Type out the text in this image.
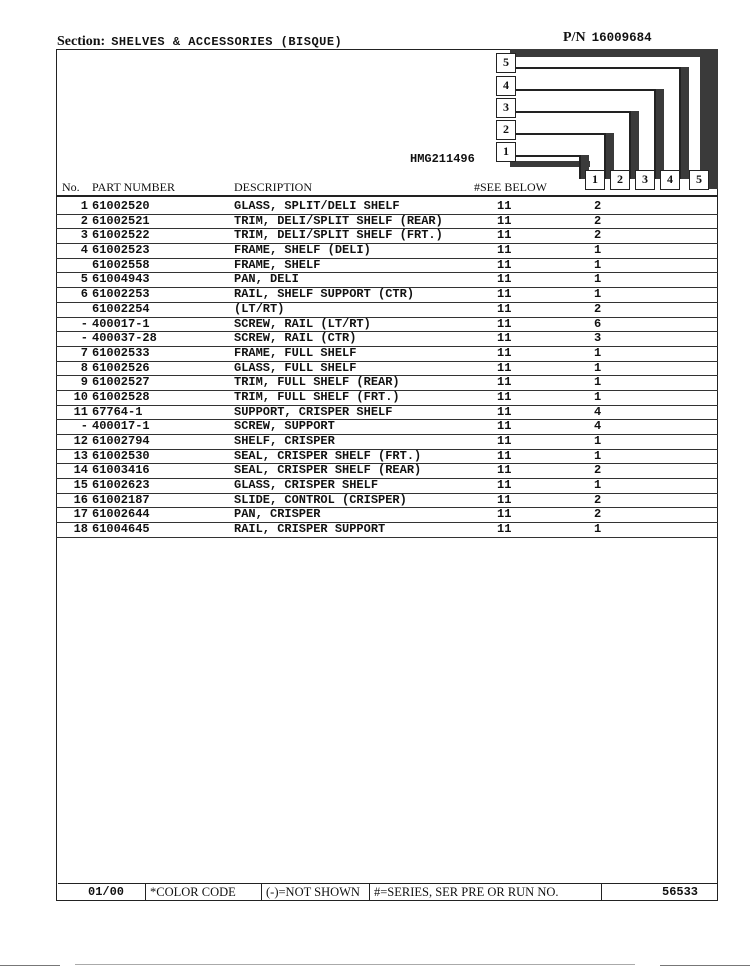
Section: SHELVES & ACCESSORIES (BISQUE)	P/N 16009684
5
4
3
2
1
1	2	3	4	5
HMG211496
No. PART NUMBER	DESCRIPTION	#SEE BELOW
1 61002520	GLASS, SPLIT/DELI SHELF	11	2
2 61002521	TRIM, DELI/SPLIT SHELF (REAR)	11	2
3 61002522	TRIM, DELI/SPLIT SHELF (FRT.)	11	2
4 61002523	FRAME, SHELF (DELI)	11	1
61002558	FRAME, SHELF	11	1
5 61004943	PAN, DELI	11	1
6 61002253	RAIL, SHELF SUPPORT (CTR)	11	1
61002254	(LT/RT)	11	2
- 400017-1	SCREW, RAIL (LT/RT)	11	6
- 400037-28	SCREW, RAIL (CTR)	11	3
7 61002533	FRAME, FULL SHELF	11	1
8 61002526	GLASS, FULL SHELF	11	1
9 61002527	TRIM, FULL SHELF (REAR)	11	1
10 61002528	TRIM, FULL SHELF (FRT.)	11	1
11 67764-1	SUPPORT, CRISPER SHELF	11	4
- 400017-1	SCREW, SUPPORT	11	4
12 61002794	SHELF, CRISPER	11	1
13 61002530	SEAL, CRISPER SHELF (FRT.)	11	1
14 61003416	SEAL, CRISPER SHELF (REAR)	11	2
15 61002623	GLASS, CRISPER SHELF	11	1
16 61002187	SLIDE, CONTROL (CRISPER)	11	2
17 61002644	PAN, CRISPER	11	2
18 61004645	RAIL, CRISPER SUPPORT	11	1
01/00	*COLOR CODE	(-)=NOT SHOWN	#=SERIES, SER PRE OR RUN NO.	56533
